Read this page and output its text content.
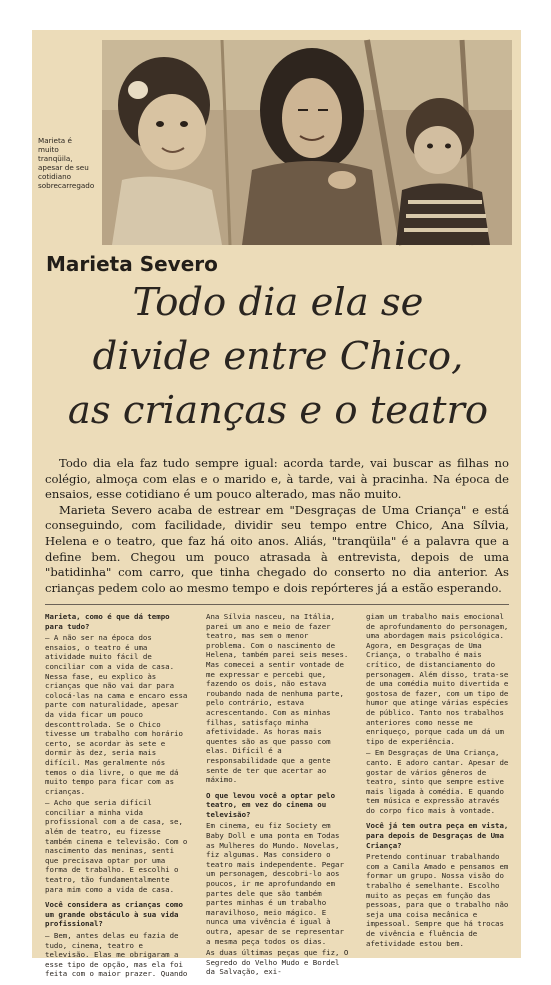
Marieta é muito tranqüila, apesar de seu cotidiano sobrecarregado
Marieta Severo
Todo dia ela se
divide entre Chico,
as crianças e o teatro

Todo dia ela faz tudo sempre igual: acorda tarde, vai buscar as filhas no colégio, almoça com elas e o marido e, à tarde, vai à pracinha. Na época de ensaios, esse cotidiano é um pouco alterado, mas não muito.

Marieta Severo acaba de estrear em "Desgraças de Uma Criança" e está conseguindo, com facilidade, dividir seu tempo entre Chico, Ana Sílvia, Helena e o teatro, que faz há oito anos. Aliás, "tranqüila" é a palavra que a define bem. Chegou um pouco atrasada à entrevista, depois de uma "batidinha" com carro, que tinha chegado do conserto no dia anterior. As crianças pedem colo ao mesmo tempo e dois repórteres já a estão esperando.

Marieta, como é que dá tempo para tudo?

— A não ser na época dos ensaios, o teatro é uma atividade muito fácil de conciliar com a vida de casa. Nessa fase, eu explico às crianças que não vai dar para colocá-las na cama e encaro essa parte com naturalidade, apesar da vida ficar um pouco desconttrolada. Se o Chico tivesse um trabalho com horário certo, se acordar às sete e dormir às dez, seria mais difícil. Mas geralmente nós temos o dia livre, o que me dá muito tempo para ficar com as crianças.

— Acho que seria difícil conciliar a minha vida profissional com a de casa, se, além de teatro, eu fizesse também cinema e televisão. Com o nascimento das meninas, senti que precisava optar por uma forma de trabalho. E escolhi o teatro, tão fundamentalmente para mim como a vida de casa.

Você considera as crianças como um grande obstáculo à sua vida profissional?

— Bem, antes delas eu fazia de tudo, cinema, teatro e televisão. Elas me obrigaram a esse tipo de opção, mas ela foi feita com o maior prazer. Quando

Ana Sílvia nasceu, na Itália, parei um ano e meio de fazer teatro, mas sem o menor problema. Com o nascimento de Helena, também parei seis meses. Mas comecei a sentir vontade de me expressar e percebi que, fazendo os dois, não estava roubando nada de nenhuma parte, pelo contrário, estava acrescentando. Com as minhas filhas, satisfaço minha afetividade. As horas mais quentes são as que passo com elas. Difícil é a responsabilidade que a gente sente de ter que acertar ao máximo.

O que levou você a optar pelo teatro, em vez do cinema ou televisão?

Em cinema, eu fiz Society em Baby Doll e uma ponta em Todas as Mulheres do Mundo. Novelas, fiz algumas. Mas considero o teatro mais independente. Pegar um personagem, descobri-lo aos poucos, ir me aprofundando em partes dele que são também partes minhas é um trabalho maravilhoso, meio mágico. E nunca uma vivência é igual à outra, apesar de se representar a mesma peça todos os dias.

As duas últimas peças que fiz, O Segredo do Velho Mudo e Bordel da Salvação, exi-

giam um trabalho mais emocional de aprofundamento do personagem, uma abordagem mais psicológica. Agora, em Desgraças de Uma Criança, o trabalho é mais crítico, de distanciamento do personagem. Além disso, trata-se de uma comédia muito divertida e gostosa de fazer, com um tipo de humor que atinge várias espécies de público. Tanto nos trabalhos anteriores como nesse me enriqueço, porque cada um dá um tipo de experiência.

— Em Desgraças de Uma Criança, canto. E adoro cantar. Apesar de gostar de vários gêneros de teatro, sinto que sempre estive mais ligada à comédia. E quando tem música e expressão através do corpo fico mais à vontade.

Você já tem outra peça em vista, para depois de Desgraças de Uma Criança?

Pretendo continuar trabalhando com a Camila Amado e pensamos em formar um grupo. Nossa visão do trabalho é semelhante. Escolho muito as peças em função das pessoas, para que o trabalho não seja uma coisa mecânica e impessoal. Sempre que há trocas de vivência e fluência de afetividade estou bem.
